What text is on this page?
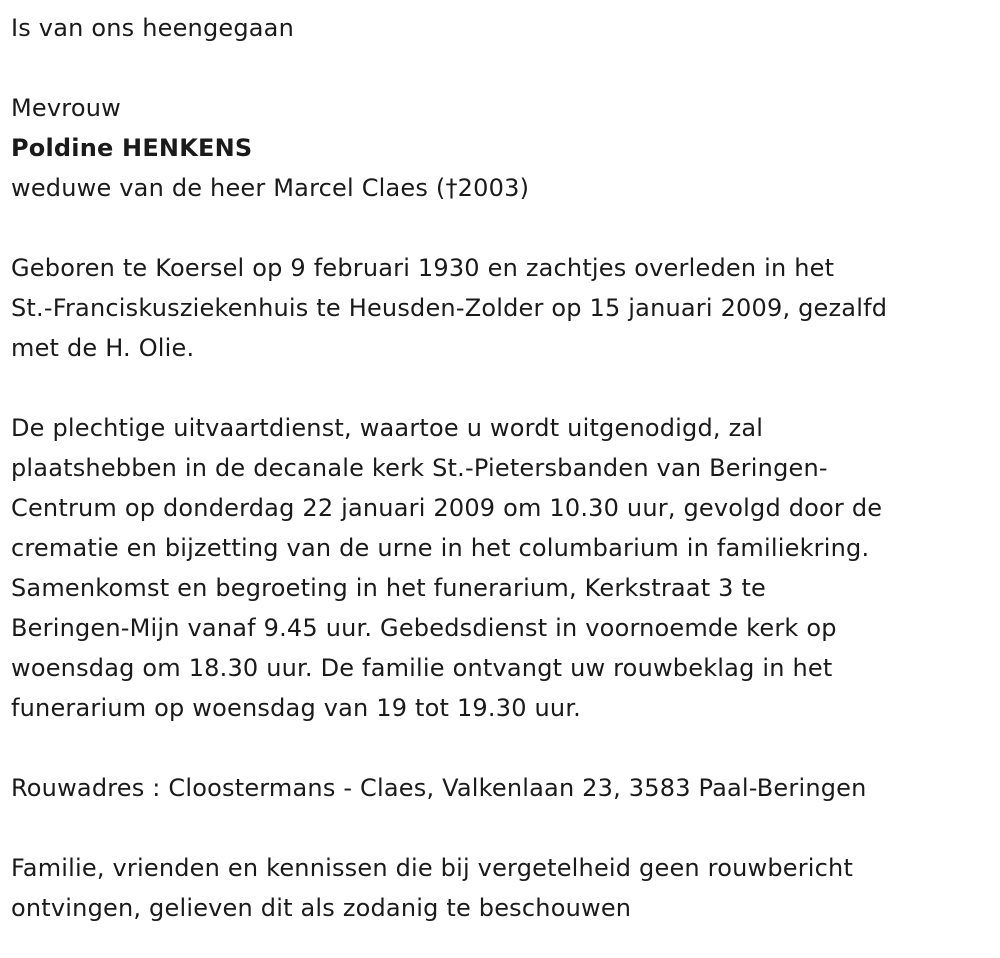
Is van ons heengegaan

Mevrouw

Poldine HENKENS

weduwe van de heer Marcel Claes (†2003)

Geboren te Koersel op 9 februari 1930 en zachtjes overleden in het

St.-Franciskusziekenhuis te Heusden-Zolder op 15 januari 2009, gezalfd

met de H. Olie.

De plechtige uitvaartdienst, waartoe u wordt uitgenodigd, zal

plaatshebben in de decanale kerk St.-Pietersbanden van Beringen-

Centrum op donderdag 22 januari 2009 om 10.30 uur, gevolgd door de

crematie en bijzetting van de urne in het columbarium in familiekring.

Samenkomst en begroeting in het funerarium, Kerkstraat 3 te

Beringen-Mijn vanaf 9.45 uur. Gebedsdienst in voornoemde kerk op

woensdag om 18.30 uur. De familie ontvangt uw rouwbeklag in het

funerarium op woensdag van 19 tot 19.30 uur.

Rouwadres : Cloostermans - Claes, Valkenlaan 23, 3583 Paal-Beringen

Familie, vrienden en kennissen die bij vergetelheid geen rouwbericht

ontvingen, gelieven dit als zodanig te beschouwen
